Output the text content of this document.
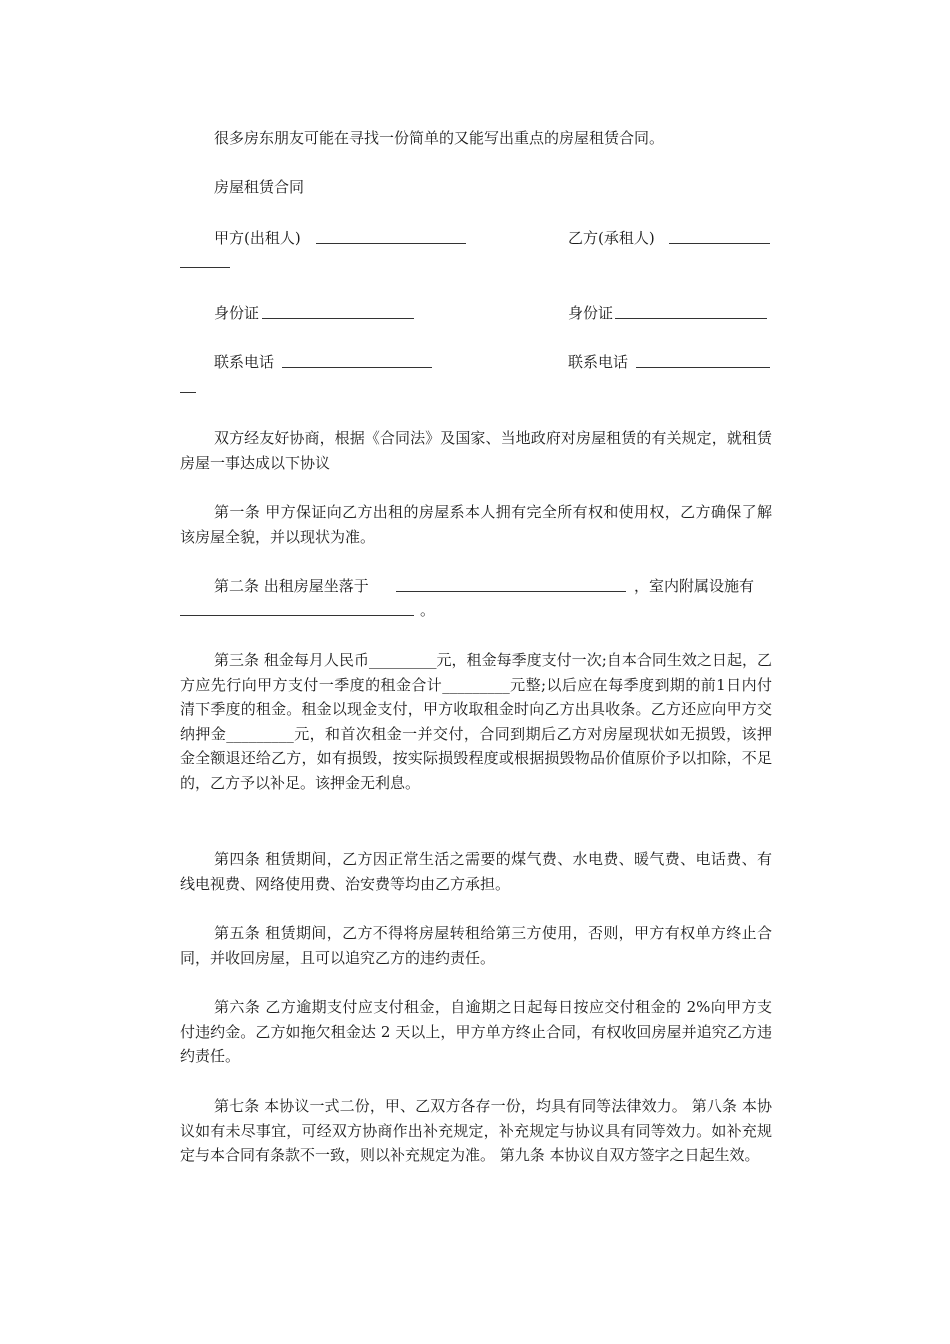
很多房东朋友可能在寻找一份简单的又能写出重点的房屋租赁合同。
房屋租赁合同
甲方(出租人)	乙方(承租人)
身份证	身份证
联系电话	联系电话
双方经友好协商，根据《合同法》及国家、当地政府对房屋租赁的有关规定，就租赁房屋一事达成以下协议
第一条 甲方保证向乙方出租的房屋系本人拥有完全所有权和使用权，乙方确保了解该房屋全貌，并以现状为准。
第二条 出租房屋坐落于	，室内附属设施有
。
第三条 租金每月人民币_________元，租金每季度支付一次;自本合同生效之日起，乙方应先行向甲方支付一季度的租金合计_________元整;以后应在每季度到期的前1日内付清下季度的租金。租金以现金支付，甲方收取租金时向乙方出具收条。乙方还应向甲方交纳押金_________元，和首次租金一并交付，合同到期后乙方对房屋现状如无损毁，该押金全额退还给乙方，如有损毁，按实际损毁程度或根据损毁物品价值原价予以扣除，不足的，乙方予以补足。该押金无利息。
第四条 租赁期间，乙方因正常生活之需要的煤气费、水电费、暖气费、电话费、有线电视费、网络使用费、治安费等均由乙方承担。
第五条 租赁期间，乙方不得将房屋转租给第三方使用，否则，甲方有权单方终止合同，并收回房屋，且可以追究乙方的违约责任。
第六条 乙方逾期支付应支付租金，自逾期之日起每日按应交付租金的 2%向甲方支付违约金。乙方如拖欠租金达 2 天以上，甲方单方终止合同，有权收回房屋并追究乙方违约责任。
第七条 本协议一式二份，甲、乙双方各存一份，均具有同等法律效力。 第八条 本协议如有未尽事宜，可经双方协商作出补充规定，补充规定与协议具有同等效力。如补充规定与本合同有条款不一致，则以补充规定为准。 第九条 本协议自双方签字之日起生效。
